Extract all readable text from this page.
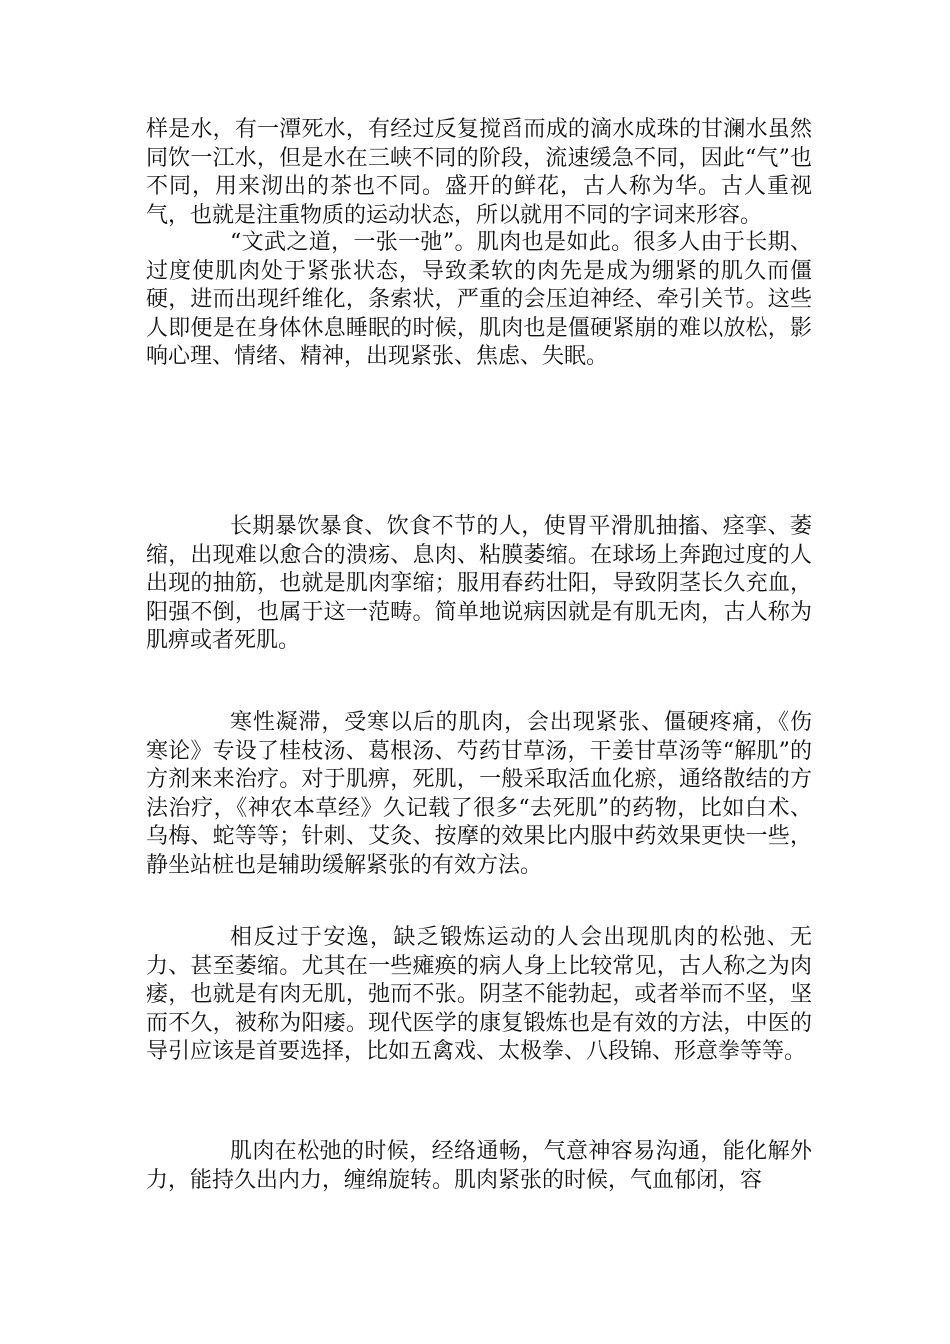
样是水，有一潭死水，有经过反复搅舀而成的滴水成珠的甘澜水虽然同饮一江水，但是水在三峡不同的阶段，流速缓急不同，因此“气”也不同，用来沏出的茶也不同。盛开的鲜花，古人称为华。古人重视气，也就是注重物质的运动状态，所以就用不同的字词来形容。

“文武之道，一张一弛”。肌肉也是如此。很多人由于长期、过度使肌肉处于紧张状态，导致柔软的肉先是成为绷紧的肌久而僵硬，进而出现纤维化，条索状，严重的会压迫神经、牵引关节。这些人即便是在身体休息睡眠的时候，肌肉也是僵硬紧崩的难以放松，影响心理、情绪、精神，出现紧张、焦虑、失眠。

长期暴饮暴食、饮食不节的人，使胃平滑肌抽搐、痉挛、萎缩，出现难以愈合的溃疡、息肉、粘膜萎缩。在球场上奔跑过度的人出现的抽筋，也就是肌肉挛缩；服用春药壮阳，导致阴茎长久充血，阳强不倒，也属于这一范畴。简单地说病因就是有肌无肉，古人称为肌痹或者死肌。

寒性凝滞，受寒以后的肌肉，会出现紧张、僵硬疼痛，《伤寒论》专设了桂枝汤、葛根汤、芍药甘草汤，干姜甘草汤等“解肌”的方剂来来治疗。对于肌痹，死肌，一般采取活血化瘀，通络散结的方法治疗，《神农本草经》久记载了很多“去死肌”的药物，比如白术、乌梅、蛇等等；针刺、艾灸、按摩的效果比内服中药效果更快一些，静坐站桩也是辅助缓解紧张的有效方法。

相反过于安逸，缺乏锻炼运动的人会出现肌肉的松弛、无力、甚至萎缩。尤其在一些瘫痪的病人身上比较常见，古人称之为肉痿，也就是有肉无肌，弛而不张。阴茎不能勃起，或者举而不坚，坚而不久，被称为阳痿。现代医学的康复锻炼也是有效的方法，中医的导引应该是首要选择，比如五禽戏、太极拳、八段锦、形意拳等等。

肌肉在松弛的时候，经络通畅，气意神容易沟通，能化解外力，能持久出内力，缠绵旋转。肌肉紧张的时候，气血郁闭，容
